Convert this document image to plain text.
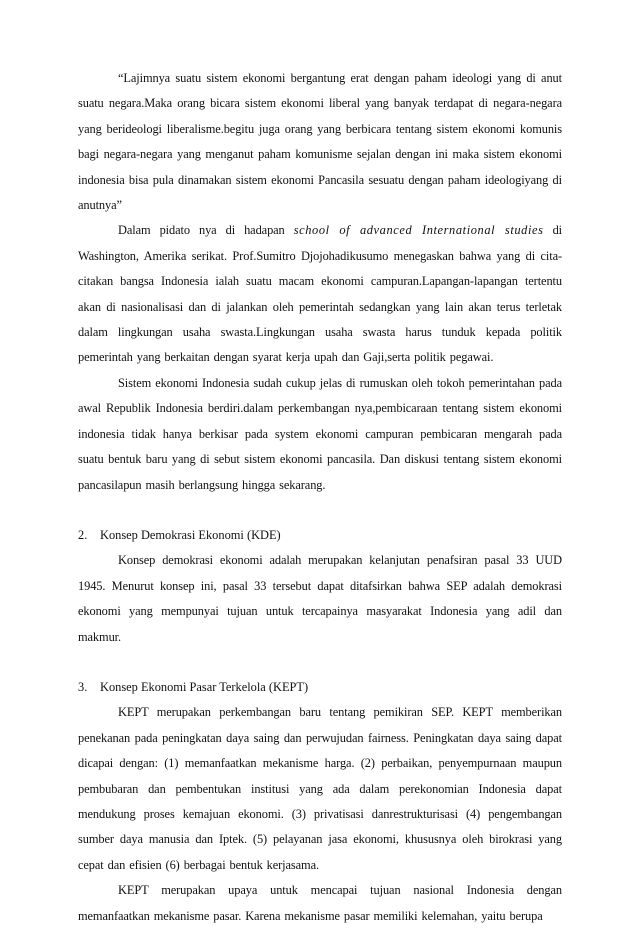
“Lajimnya suatu sistem ekonomi bergantung erat dengan paham ideologi yang di anut suatu negara.Maka orang bicara sistem ekonomi liberal yang banyak terdapat di negara-negara yang berideologi liberalisme.begitu juga orang yang berbicara tentang sistem ekonomi komunis bagi negara-negara yang menganut paham komunisme sejalan dengan ini maka sistem ekonomi indonesia bisa pula dinamakan sistem ekonomi Pancasila sesuatu dengan paham ideologiyang di anutnya”

Dalam pidato nya di hadapan school of advanced International studies di Washington, Amerika serikat. Prof.Sumitro Djojohadikusumo menegaskan bahwa yang di cita-citakan bangsa Indonesia ialah suatu macam ekonomi campuran.Lapangan-lapangan tertentu akan di nasionalisasi dan di jalankan oleh pemerintah sedangkan yang lain akan terus terletak dalam lingkungan usaha swasta.Lingkungan usaha swasta harus tunduk kepada politik pemerintah yang berkaitan dengan syarat kerja upah dan Gaji,serta politik pegawai.

Sistem ekonomi Indonesia sudah cukup jelas di rumuskan oleh tokoh pemerintahan pada awal Republik Indonesia berdiri.dalam perkembangan nya,pembicaraan tentang sistem ekonomi indonesia tidak hanya berkisar pada system ekonomi campuran pembicaran mengarah pada suatu bentuk baru yang di sebut sistem ekonomi pancasila. Dan diskusi tentang sistem ekonomi pancasilapun masih berlangsung hingga sekarang.

2.	Konsep Demokrasi Ekonomi (KDE)

Konsep demokrasi ekonomi adalah merupakan kelanjutan penafsiran pasal 33 UUD 1945. Menurut konsep ini, pasal 33 tersebut dapat ditafsirkan bahwa SEP adalah demokrasi ekonomi yang mempunyai tujuan untuk tercapainya masyarakat Indonesia yang adil dan makmur.

3.	Konsep Ekonomi Pasar Terkelola (KEPT)

KEPT merupakan perkembangan baru tentang pemikiran SEP. KEPT memberikan penekanan pada peningkatan daya saing dan perwujudan fairness. Peningkatan daya saing dapat dicapai dengan: (1) memanfaatkan mekanisme harga. (2) perbaikan, penyempurnaan maupun pembubaran dan pembentukan institusi yang ada dalam perekonomian Indonesia dapat mendukung proses kemajuan ekonomi. (3) privatisasi danrestrukturisasi (4) pengembangan sumber daya manusia dan Iptek. (5) pelayanan jasa ekonomi, khususnya oleh birokrasi yang cepat dan efisien (6) berbagai bentuk kerjasama.

KEPT merupakan upaya untuk mencapai tujuan nasional Indonesia dengan memanfaatkan mekanisme pasar. Karena mekanisme pasar memiliki kelemahan, yaitu berupa
